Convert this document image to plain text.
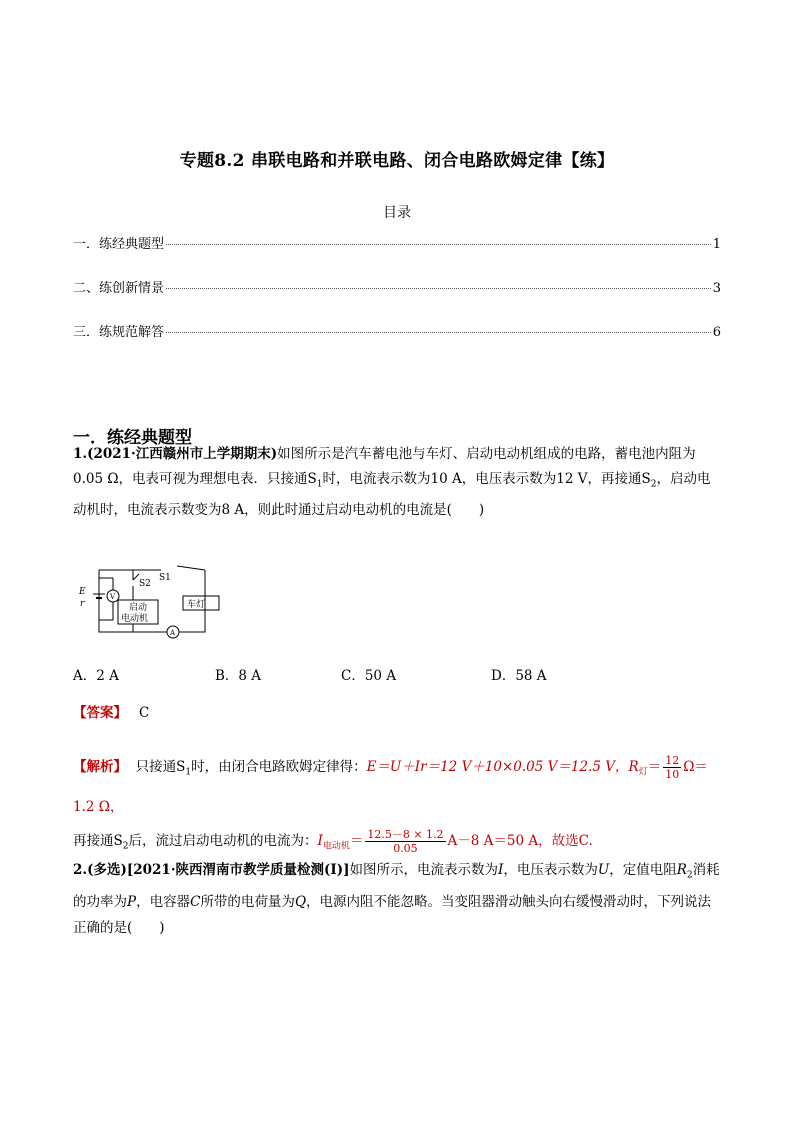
专题8.2 串联电路和并联电路、闭合电路欧姆定律【练】
目录
一．练经典题型	1
二、练创新情景	3
三．练规范解答	6
一．练经典题型

1.(2021·江西赣州市上学期期末)如图所示是汽车蓄电池与车灯、启动电动机组成的电路，蓄电池内阻为0.05 Ω，电表可视为理想电表．只接通$S_1$时，电流表示数为10 A，电压表示数为12 V，再接通$S_2$，启动电动机时，电流表示数变为8 A，则此时通过启动电动机的电流是(　　)

E
r
V
S1
S2
启动
电动机
车灯
A
A．2 A	B．8 A	C．50 A	D．58 A
【答案】 C

【解析】 只接通$S_1$时，由闭合电路欧姆定律得：E＝U＋Ir＝12 V＋10×0.05 V＝12.5 V，$R_灯= \frac{12}{10} \Omega=1.2$ Ω，

再接通$S_2$后，流过启动电动机的电流为：$I_{电动机}= \frac{12.5-8 \times 1.2}{0.05} A-8$ A＝50 A，故选C.

2.(多选)[2021·陕西渭南市教学质量检测(Ⅰ)]如图所示，电流表示数为I，电压表示数为U，定值电阻$R_2$消耗的功率为P，电容器C所带的电荷量为Q，电源内阻不能忽略。当变阻器滑动触头向右缓慢滑动时，下列说法正确的是(　　)
